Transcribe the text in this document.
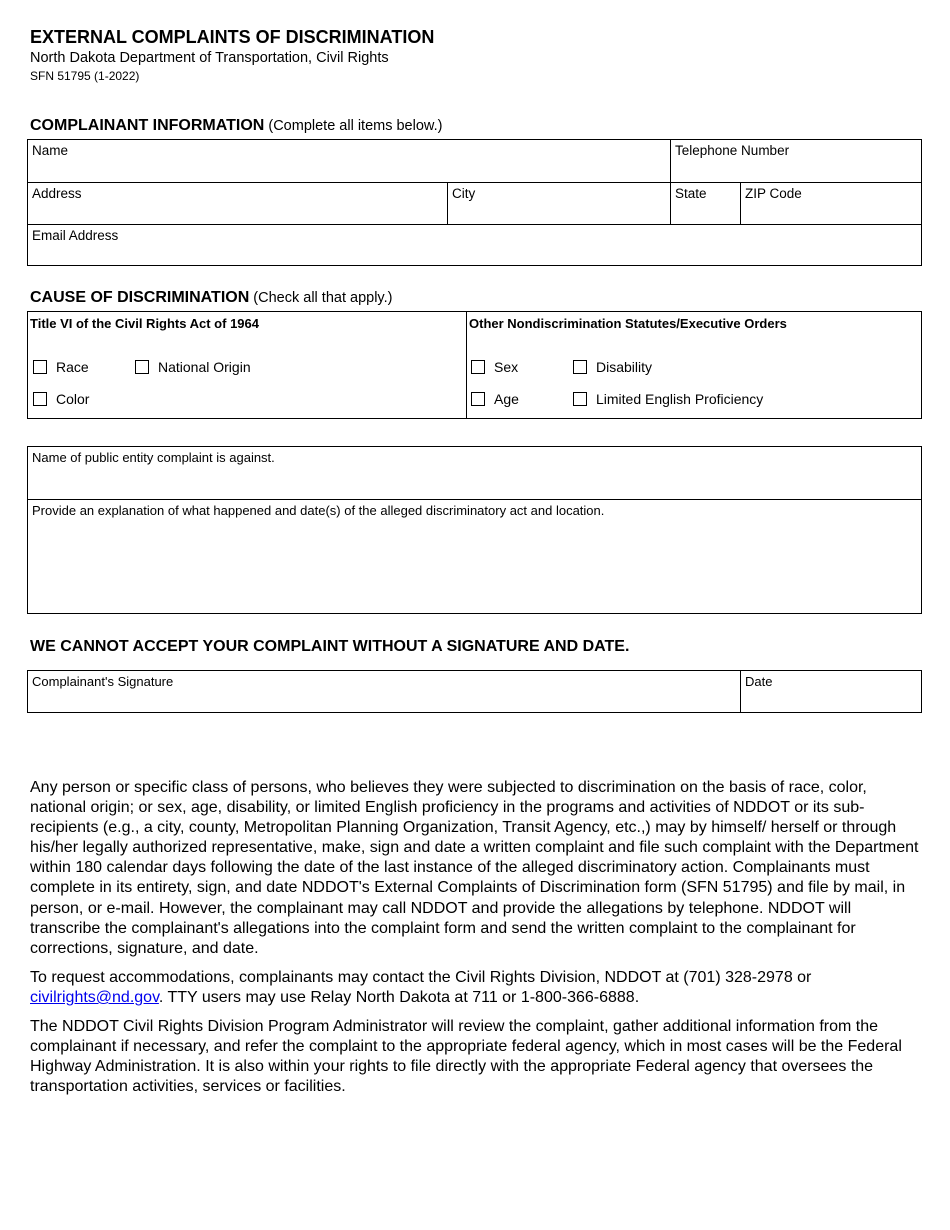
EXTERNAL COMPLAINTS OF DISCRIMINATION
North Dakota Department of Transportation, Civil Rights
SFN 51795 (1-2022)
COMPLAINANT INFORMATION (Complete all items below.)
Name	Telephone Number
Address	City	State	ZIP Code
Email Address
CAUSE OF DISCRIMINATION (Check all that apply.)
Title VI of the Civil Rights Act of 1964
Race	National Origin
Color
Other Nondiscrimination Statutes/Executive Orders
Sex	Disability
Age	Limited English Proficiency
Name of public entity complaint is against.
Provide an explanation of what happened and date(s) of the alleged discriminatory act and location.
WE CANNOT ACCEPT YOUR COMPLAINT WITHOUT A SIGNATURE AND DATE.
Complainant's Signature	Date

Any person or specific class of persons, who believes they were subjected to discrimination on the basis of race, color, national origin; or sex, age, disability, or limited English proficiency in the programs and activities of NDDOT or its sub-recipients (e.g., a city, county, Metropolitan Planning Organization, Transit Agency, etc.,) may by himself/ herself or through his/her legally authorized representative, make, sign and date a written complaint and file such complaint with the Department within 180 calendar days following the date of the last instance of the alleged discriminatory action. Complainants must complete in its entirety, sign, and date NDDOT's External Complaints of Discrimination form (SFN 51795) and file by mail, in person, or e-mail. However, the complainant may call NDDOT and provide the allegations by telephone. NDDOT will transcribe the complainant's allegations into the complaint form and send the written complaint to the complainant for corrections, signature, and date.

To request accommodations, complainants may contact the Civil Rights Division, NDDOT at (701) 328-2978 or
civilrights@nd.gov. TTY users may use Relay North Dakota at 711 or 1-800-366-6888.

The NDDOT Civil Rights Division Program Administrator will review the complaint, gather additional information from the complainant if necessary, and refer the complaint to the appropriate federal agency, which in most cases will be the Federal Highway Administration. It is also within your rights to file directly with the appropriate Federal agency that oversees the transportation activities, services or facilities.
